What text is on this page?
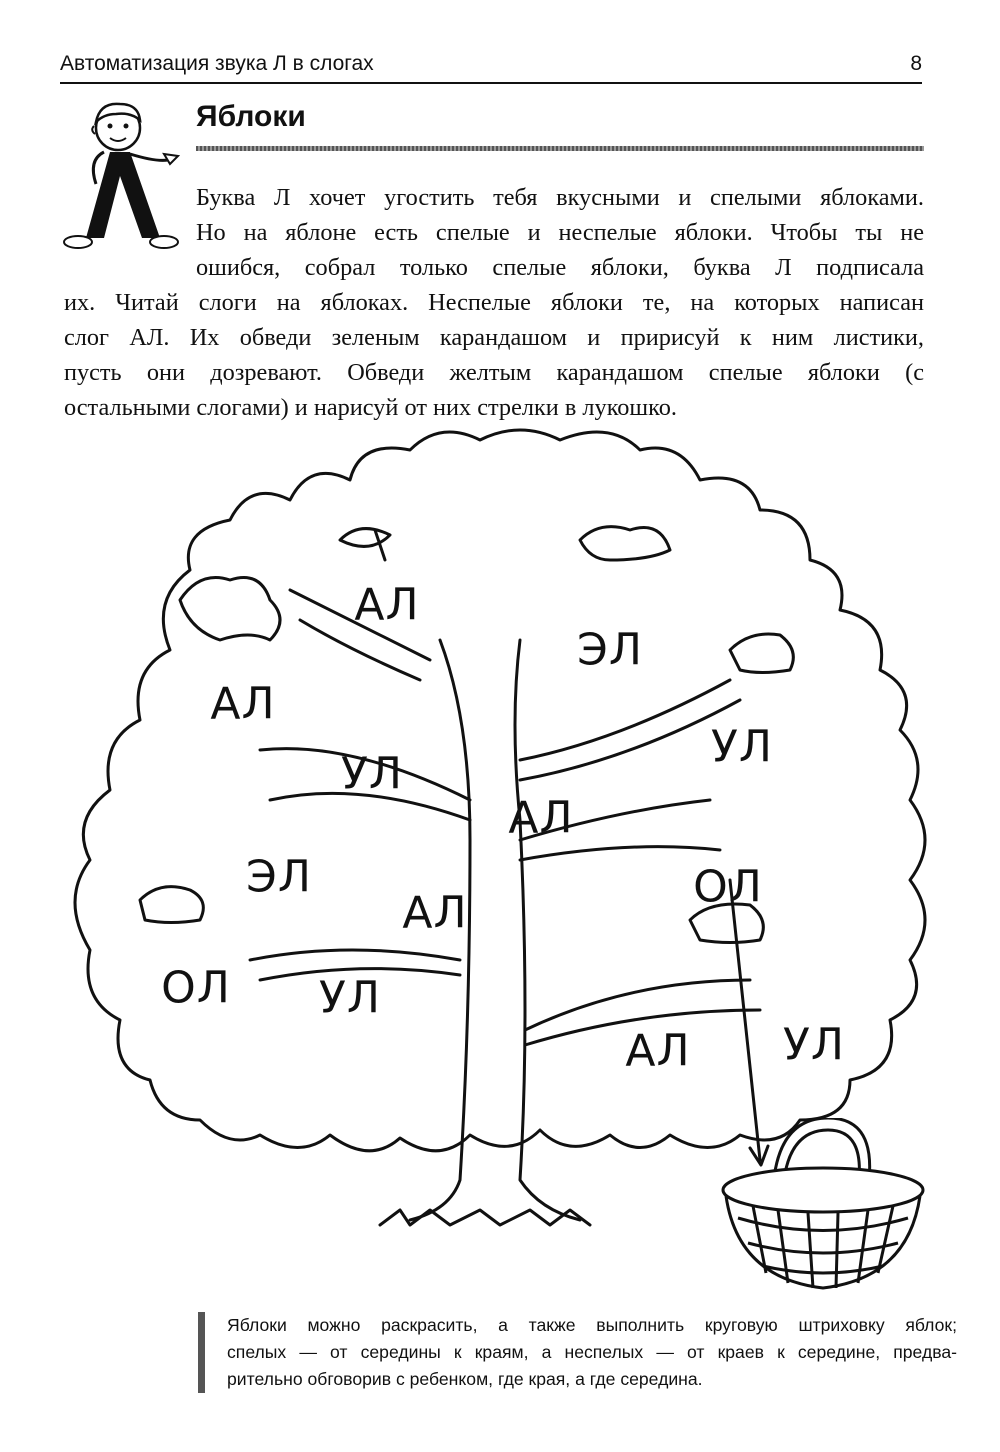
Автоматизация звука Л в слогах	8
Яблоки
Буква Л хочет угостить тебя вкусными и спелыми яблоками.
Но на яблоне есть спелые и неспелые яблоки. Чтобы ты не
ошибся, собрал только спелые яблоки, буква Л подписала
их. Читай слоги на яблоках. Неспелые яблоки те, на которых написан
слог АЛ. Их обведи зеленым карандашом и пририсуй к ним листики,
пусть они дозревают. Обведи желтым карандашом спелые яблоки (с
остальными слогами) и нарисуй от них стрелки в лукошко.
АЛ
ЭЛ
АЛ
УЛ
УЛ
АЛ
ЭЛ	ОЛ
АЛ
ОЛ УЛ
АЛ УЛ
Яблоки можно раскрасить, а также выполнить круговую штриховку яблок;
спелых — от середины к краям, а неспелых — от краев к середине, предва-
рительно обговорив с ребенком, где края, а где середина.
